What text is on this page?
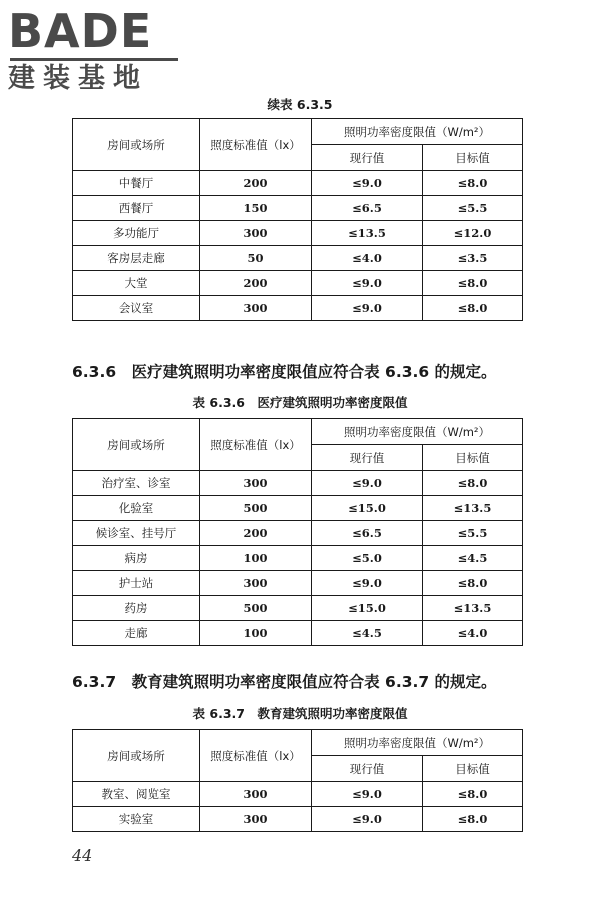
BADE
建装基地
续表 6.3.5
房间或场所	照度标准值（lx）	照明功率密度限值（W/m²）	
		现行值	目标值
中餐厅	200	≤9.0	≤8.0
西餐厅	150	≤6.5	≤5.5
多功能厅	300	≤13.5	≤12.0
客房层走廊	50	≤4.0	≤3.5
大堂	200	≤9.0	≤8.0
会议室	300	≤9.0	≤8.0
6.3.6　医疗建筑照明功率密度限值应符合表 6.3.6 的规定。
表 6.3.6　医疗建筑照明功率密度限值
房间或场所	照度标准值（lx）	照明功率密度限值（W/m²）	
		现行值	目标值
治疗室、诊室	300	≤9.0	≤8.0
化验室	500	≤15.0	≤13.5
候诊室、挂号厅	200	≤6.5	≤5.5
病房	100	≤5.0	≤4.5
护士站	300	≤9.0	≤8.0
药房	500	≤15.0	≤13.5
走廊	100	≤4.5	≤4.0
6.3.7　教育建筑照明功率密度限值应符合表 6.3.7 的规定。
表 6.3.7　教育建筑照明功率密度限值
房间或场所	照度标准值（lx）	照明功率密度限值（W/m²）	
		现行值	目标值
教室、阅览室	300	≤9.0	≤8.0
实验室	300	≤9.0	≤8.0
44
